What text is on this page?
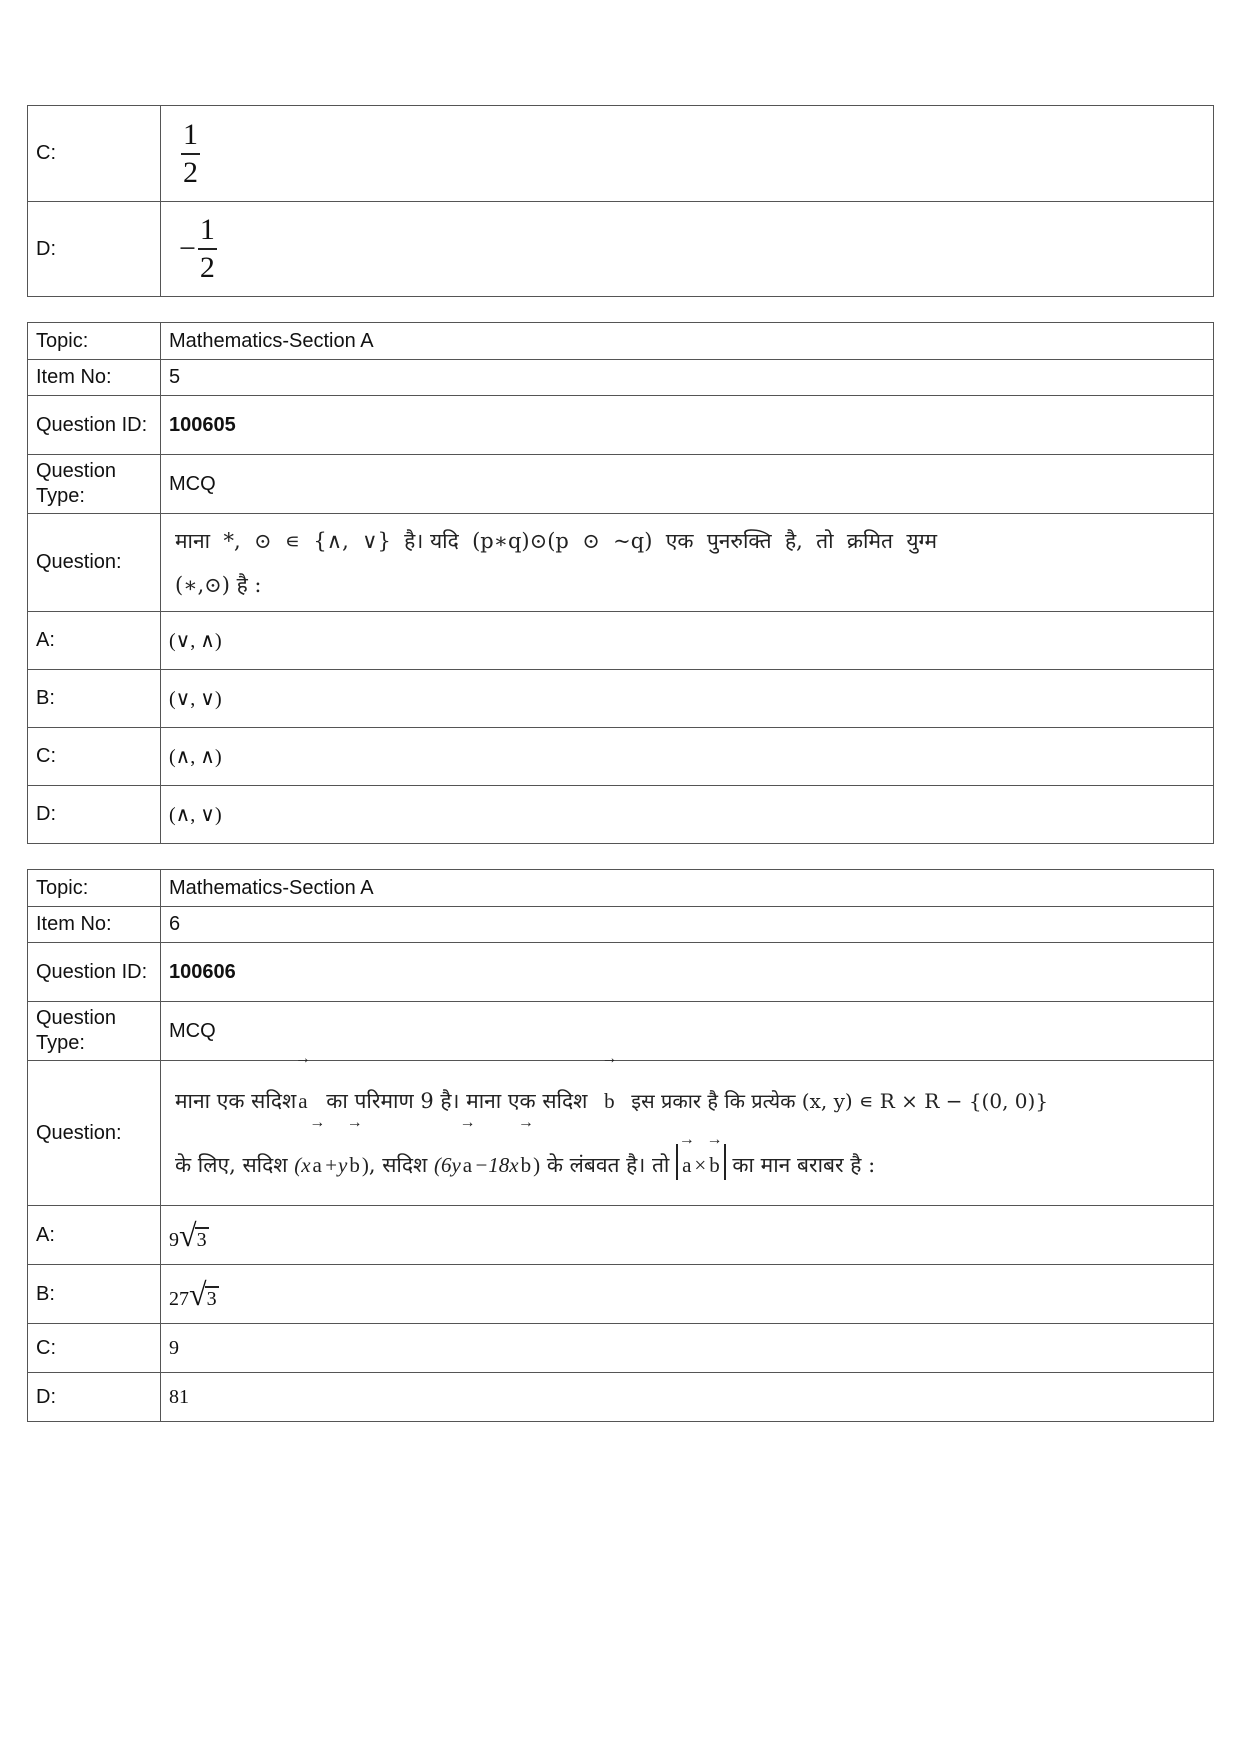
C:	$\frac{1}{2}$

D:	− $\frac{1}{2}$
Topic:	Mathematics-Section A
Item No:	5
Question ID:	100605
Question Type:	MCQ
Question:	माना  *,  ⊙  ∊  {∧,  ∨}  है। यदि  (p∗q)⊙(p  ⊙  ~q)  एक  पुनरुक्ति  है,  तो  क्रमित  युग्म
(∗,⊙) है :

A:	(∨, ∧)
B:	(∨, ∨)
C:	(∧, ∧)
D:	(∧, ∨)
Topic:	Mathematics-Section A
Item No:	6
Question ID:	100606
Question Type:	MCQ
Question:	माना एक सदिश→ a का परिमाण 9 है। माना एक सदिश → b इस प्रकार है कि प्रत्येक (x, y) ∊ R × R − {(0, 0)}
के लिए, सदिश (x→ a+y→ b), सदिश (6y→ a−18x→ b) के लंबवत है। तो → a × → b का मान बराबर है :

A:	9√3
B:	27√3
C:	9
D:	81
